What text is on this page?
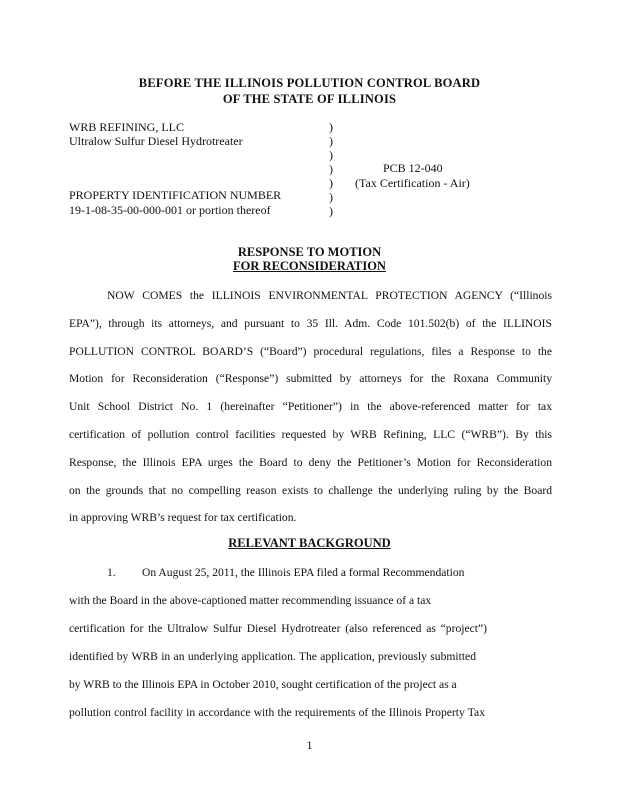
BEFORE THE ILLINOIS POLLUTION CONTROL BOARD
OF THE STATE OF ILLINOIS
WRB REFINING, LLC
Ultralow Sulfur Diesel Hydrotreater
PROPERTY IDENTIFICATION NUMBER
19-1-08-35-00-000-001 or portion thereof
)
)
)
)
)
)
)
PCB 12-040
(Tax Certification - Air)
RESPONSE TO MOTION
FOR RECONSIDERATION
NOW COMES the ILLINOIS ENVIRONMENTAL PROTECTION AGENCY (“Illinois
EPA”), through its attorneys, and pursuant to 35 Ill. Adm. Code 101.502(b) of the ILLINOIS
POLLUTION CONTROL BOARD’S (“Board”) procedural regulations, files a Response to the
Motion for Reconsideration (“Response”) submitted by attorneys for the Roxana Community
Unit School District No. 1 (hereinafter “Petitioner”) in the above-referenced matter for tax
certification of pollution control facilities requested by WRB Refining, LLC (“WRB”). By this
Response, the Illinois EPA urges the Board to deny the Petitioner’s Motion for Reconsideration
on the grounds that no compelling reason exists to challenge the underlying ruling by the Board
in approving WRB’s request for tax certification.
RELEVANT BACKGROUND
1.	On August 25, 2011, the Illinois EPA filed a formal Recommendation
with the Board in the above-captioned matter recommending issuance of a tax
certification for the Ultralow Sulfur Diesel Hydrotreater (also referenced as “project”)
identified by WRB in an underlying application. The application, previously submitted
by WRB to the Illinois EPA in October 2010, sought certification of the project as a
pollution control facility in accordance with the requirements of the Illinois Property Tax
1
